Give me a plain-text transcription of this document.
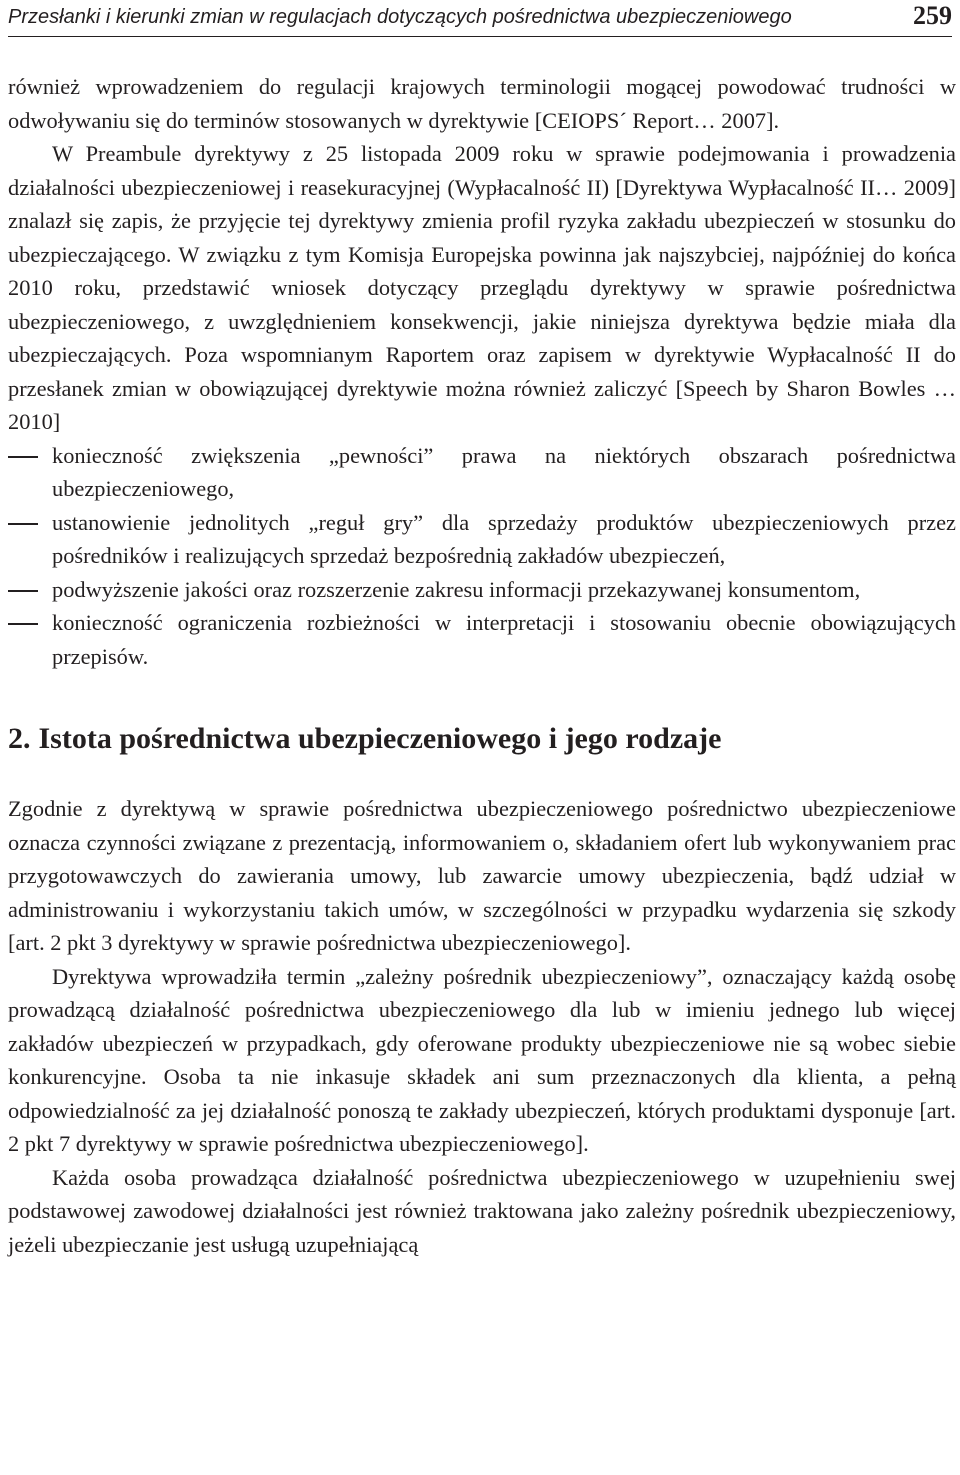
Przesłanki i kierunki zmian w regulacjach dotyczących pośrednictwa ubezpieczeniowego	259

również wprowadzeniem do regulacji krajowych terminologii mogącej powodować trudności w odwoływaniu się do terminów stosowanych w dyrektywie [CEIOPS´ Report… 2007].

W Preambule dyrektywy z 25 listopada 2009 roku w sprawie podejmowania i prowadzenia działalności ubezpieczeniowej i reasekuracyjnej (Wypłacalność II) [Dyrektywa Wypłacalność II… 2009] znalazł się zapis, że przyjęcie tej dyrektywy zmienia profil ryzyka zakładu ubezpieczeń w stosunku do ubezpieczającego. W związku z tym Komisja Europejska powinna jak najszybciej, najpóźniej do końca 2010 roku, przedstawić wniosek dotyczący przeglądu dyrektywy w sprawie pośrednictwa ubezpieczeniowego, z uwzględnieniem konsekwencji, jakie niniejsza dyrektywa będzie miała dla ubezpieczających. Poza wspomnianym Raportem oraz zapisem w dyrektywie Wypłacalność II do przesłanek zmian w obowiązującej dyrektywie można również zaliczyć [Speech by Sharon Bowles … 2010]

konieczność zwiększenia „pewności” prawa na niektórych obszarach pośrednictwa ubezpieczeniowego,
ustanowienie jednolitych „reguł gry” dla sprzedaży produktów ubezpieczeniowych przez pośredników i realizujących sprzedaż bezpośrednią zakładów ubezpieczeń,
podwyższenie jakości oraz rozszerzenie zakresu informacji przekazywanej konsumentom,
konieczność ograniczenia rozbieżności w interpretacji i stosowaniu obecnie obowiązujących przepisów.
2. Istota pośrednictwa ubezpieczeniowego i jego rodzaje

Zgodnie z dyrektywą w sprawie pośrednictwa ubezpieczeniowego pośrednictwo ubezpieczeniowe oznacza czynności związane z prezentacją, informowaniem o, składaniem ofert lub wykonywaniem prac przygotowawczych do zawierania umowy, lub zawarcie umowy ubezpieczenia, bądź udział w administrowaniu i wykorzystaniu takich umów, w szczególności w przypadku wydarzenia się szkody [art. 2 pkt 3 dyrektywy w sprawie pośrednictwa ubezpieczeniowego].

Dyrektywa wprowadziła termin „zależny pośrednik ubezpieczeniowy”, oznaczający każdą osobę prowadzącą działalność pośrednictwa ubezpieczeniowego dla lub w imieniu jednego lub więcej zakładów ubezpieczeń w przypadkach, gdy oferowane produkty ubezpieczeniowe nie są wobec siebie konkurencyjne. Osoba ta nie inkasuje składek ani sum przeznaczonych dla klienta, a pełną odpowiedzialność za jej działalność ponoszą te zakłady ubezpieczeń, których produktami dysponuje [art. 2 pkt 7 dyrektywy w sprawie pośrednictwa ubezpieczeniowego].

Każda osoba prowadząca działalność pośrednictwa ubezpieczeniowego w uzupełnieniu swej podstawowej zawodowej działalności jest również traktowana jako zależny pośrednik ubezpieczeniowy, jeżeli ubezpieczanie jest usługą uzupełniającą
